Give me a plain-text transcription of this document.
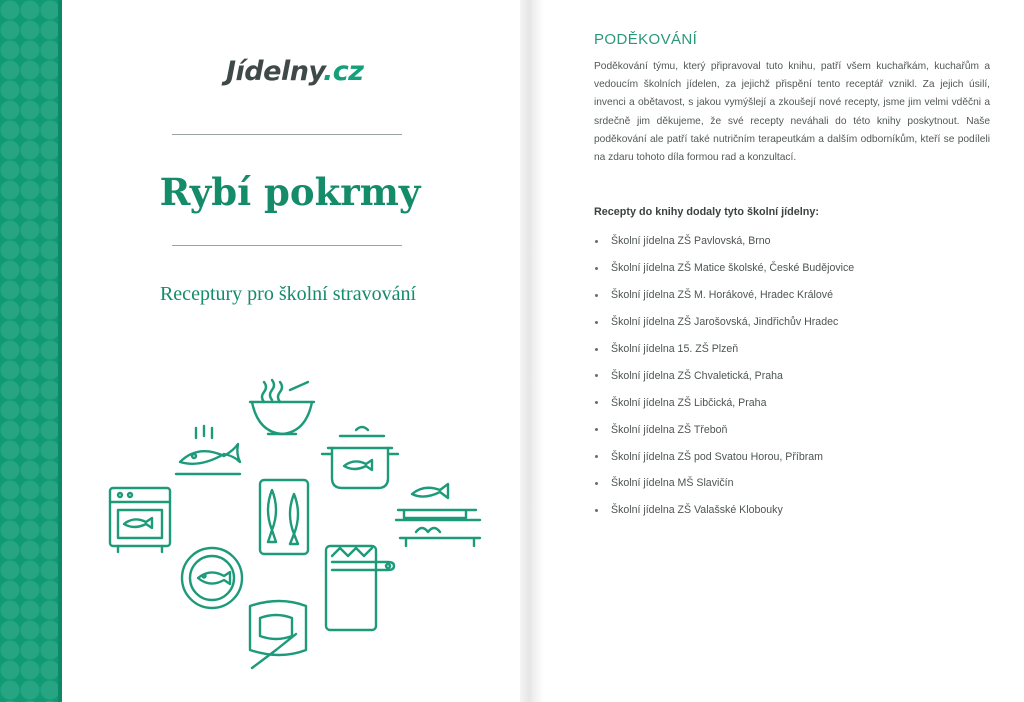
Jídelny.cz
Rybí pokrmy
Receptury pro školní stravování
PODĚKOVÁNÍ
Poděkování týmu, který připravoval tuto knihu, patří všem kuchařkám, kuchařům a vedoucím školních jídelen, za jejichž přispění tento receptář vznikl. Za jejich úsilí, invenci a obětavost, s jakou vymýšlejí a zkoušejí nové recepty, jsme jim velmi vděčni a srdečně jim děkujeme, že své recepty neváhali do této knihy poskytnout. Naše poděkování ale patří také nutričním terapeutkám a dalším odborníkům, kteří se podíleli na zdaru tohoto díla formou rad a konzultací.
Recepty do knihy dodaly tyto školní jídelny:
Školní jídelna ZŠ Pavlovská, Brno
Školní jídelna ZŠ Matice školské, České Budějovice
Školní jídelna ZŠ M. Horákové, Hradec Králové
Školní jídelna ZŠ Jarošovská, Jindřichův Hradec
Školní jídelna 15. ZŠ Plzeň
Školní jídelna ZŠ Chvaletická, Praha
Školní jídelna ZŠ Libčická, Praha
Školní jídelna ZŠ Třeboň
Školní jídelna ZŠ pod Svatou Horou, Příbram
Školní jídelna MŠ Slavičín
Školní jídelna ZŠ Valašské Klobouky
